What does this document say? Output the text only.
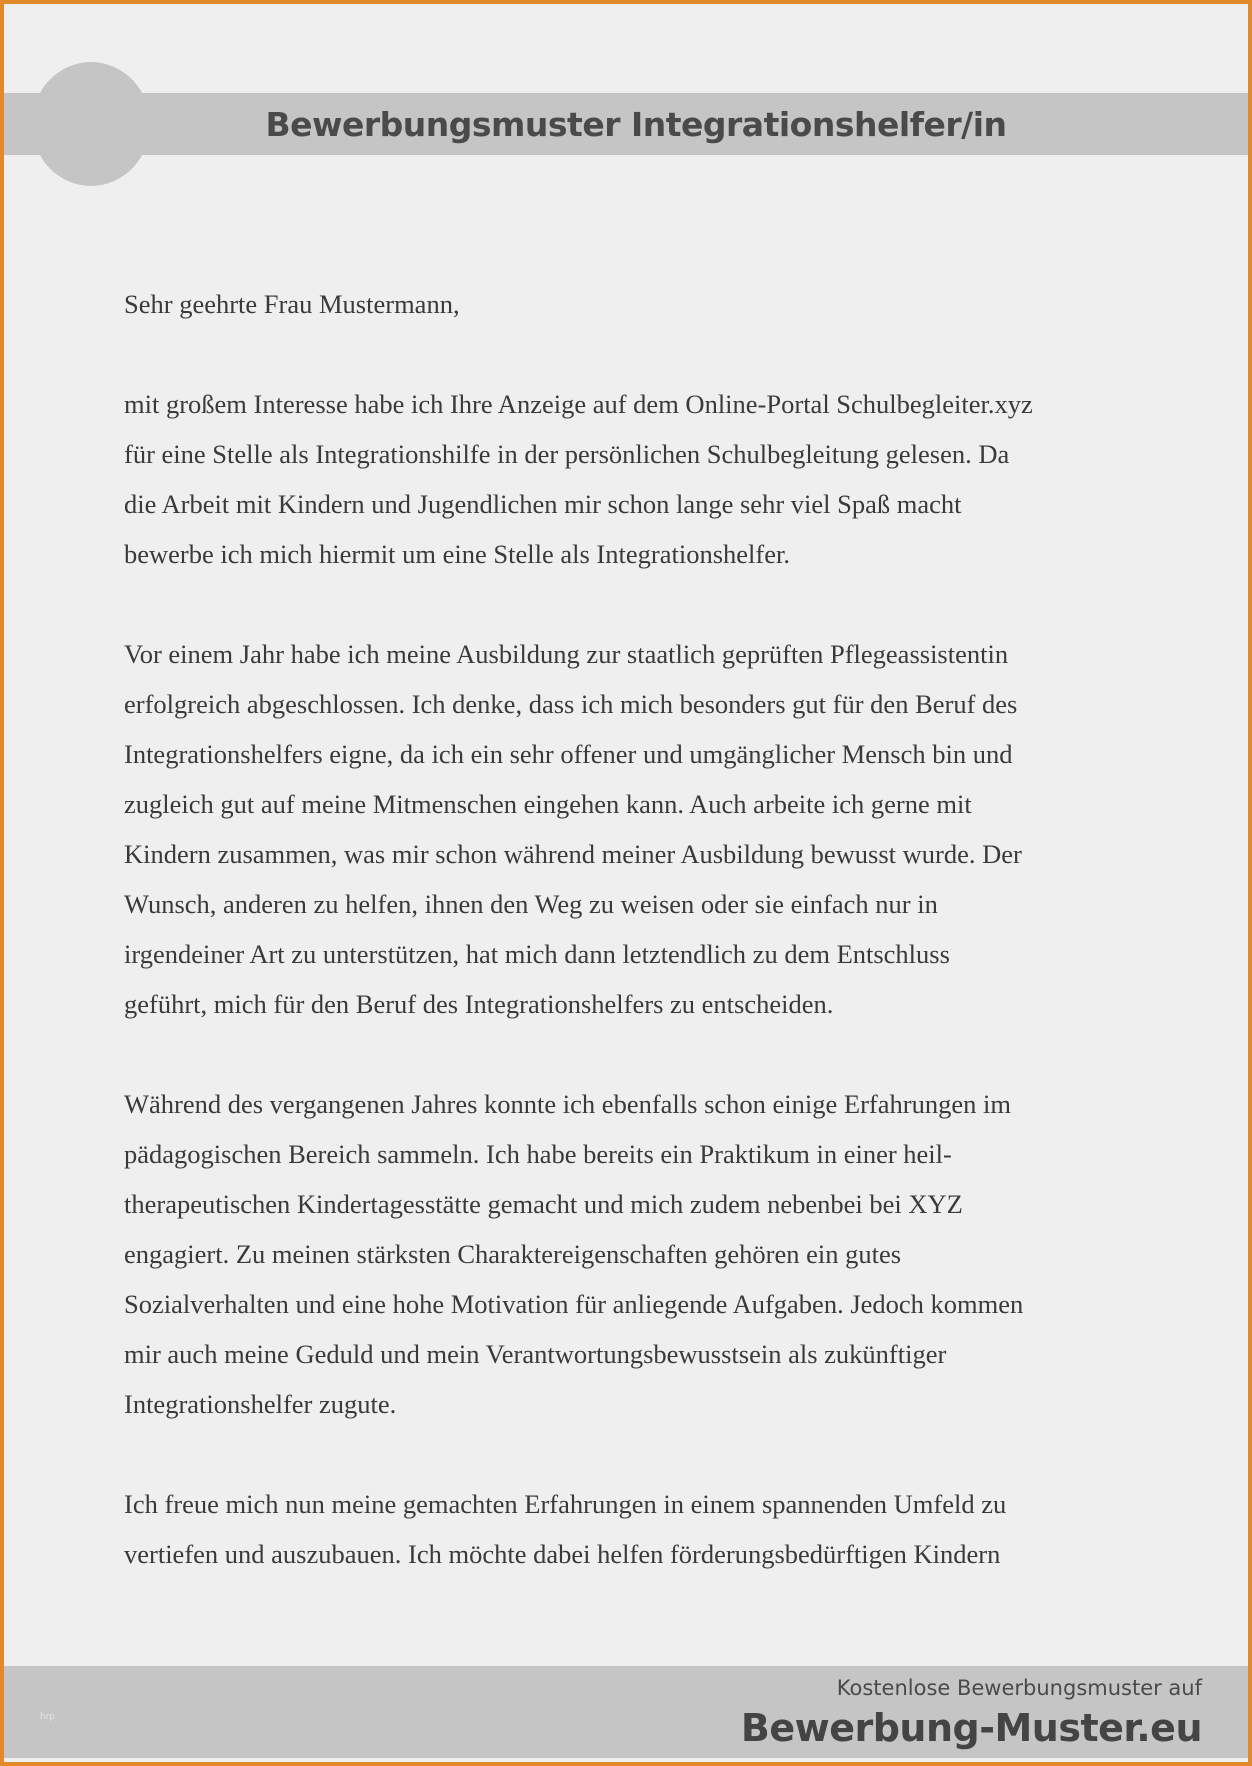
Bewerbungsmuster Integrationshelfer/in
Sehr geehrte Frau Mustermann,
mit großem Interesse habe ich Ihre Anzeige auf dem Online-Portal Schulbegleiter.xyz
für eine Stelle als Integrationshilfe in der persönlichen Schulbegleitung gelesen. Da
die Arbeit mit Kindern und Jugendlichen mir schon lange sehr viel Spaß macht
bewerbe ich mich hiermit um eine Stelle als Integrationshelfer.
Vor einem Jahr habe ich meine Ausbildung zur staatlich geprüften Pflegeassistentin
erfolgreich abgeschlossen. Ich denke, dass ich mich besonders gut für den Beruf des
Integrationshelfers eigne, da ich ein sehr offener und umgänglicher Mensch bin und
zugleich gut auf meine Mitmenschen eingehen kann. Auch arbeite ich gerne mit
Kindern zusammen, was mir schon während meiner Ausbildung bewusst wurde. Der
Wunsch, anderen zu helfen, ihnen den Weg zu weisen oder sie einfach nur in
irgendeiner Art zu unterstützen, hat mich dann letztendlich zu dem Entschluss
geführt, mich für den Beruf des Integrationshelfers zu entscheiden.
Während des vergangenen Jahres konnte ich ebenfalls schon einige Erfahrungen im
pädagogischen Bereich sammeln. Ich habe bereits ein Praktikum in einer heil-
therapeutischen Kindertagesstätte gemacht und mich zudem nebenbei bei XYZ
engagiert. Zu meinen stärksten Charaktereigenschaften gehören ein gutes
Sozialverhalten und eine hohe Motivation für anliegende Aufgaben. Jedoch kommen
mir auch meine Geduld und mein Verantwortungsbewusstsein als zukünftiger
Integrationshelfer zugute.
Ich freue mich nun meine gemachten Erfahrungen in einem spannenden Umfeld zu
vertiefen und auszubauen. Ich möchte dabei helfen förderungsbedürftigen Kindern
hrp
Kostenlose Bewerbungsmuster auf
Bewerbung-Muster.eu
